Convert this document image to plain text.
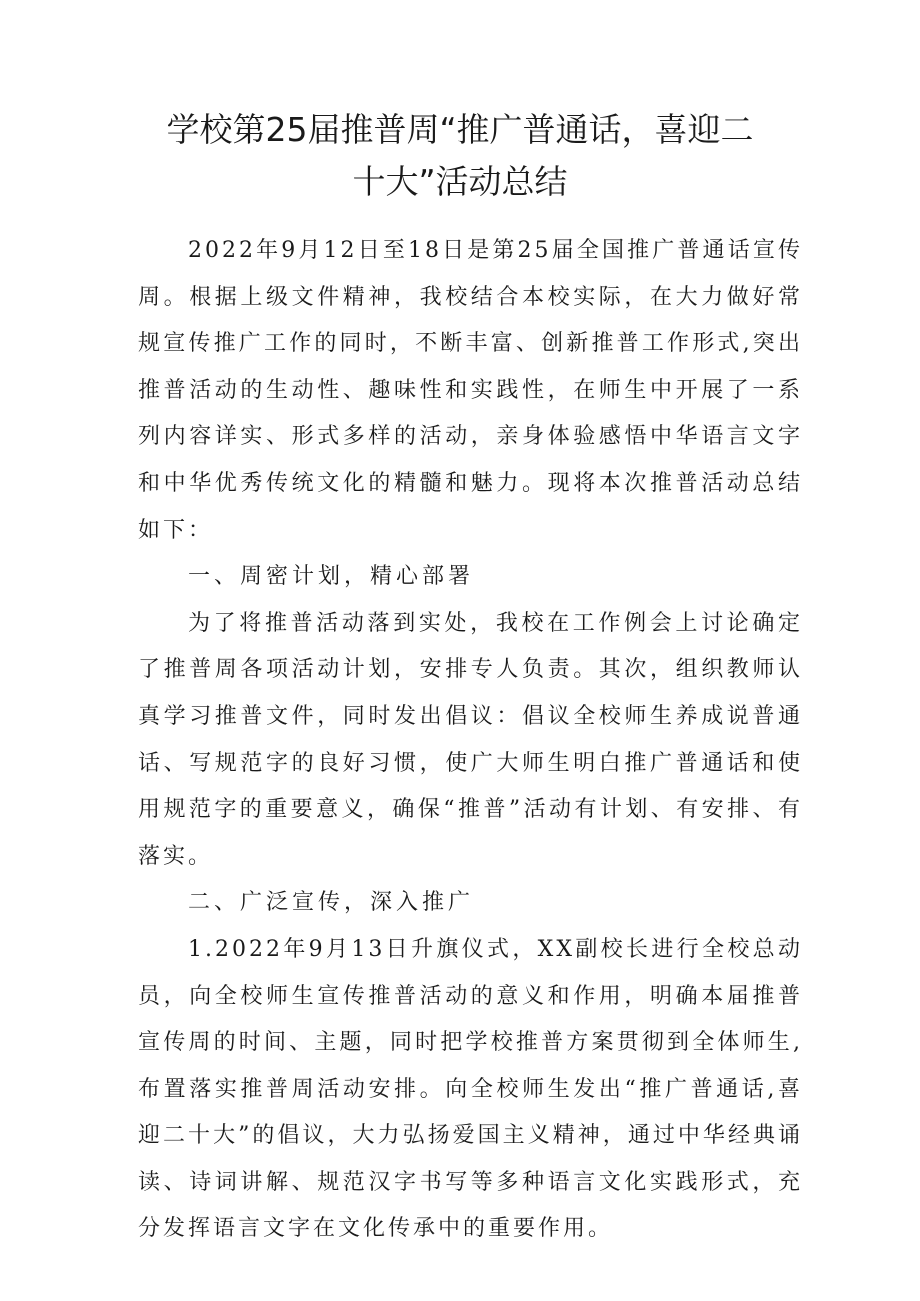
学校第25届推普周“推广普通话，喜迎二
十大”活动总结

2022年9月12日至18日是第25届全国推广普通话宣传周。根据上级文件精神，我校结合本校实际，在大力做好常规宣传推广工作的同时，不断丰富、创新推普工作形式,突出推普活动的生动性、趣味性和实践性，在师生中开展了一系列内容详实、形式多样的活动，亲身体验感悟中华语言文字和中华优秀传统文化的精髓和魅力。现将本次推普活动总结如下：

一、周密计划，精心部署

为了将推普活动落到实处，我校在工作例会上讨论确定了推普周各项活动计划，安排专人负责。其次，组织教师认真学习推普文件，同时发出倡议：倡议全校师生养成说普通话、写规范字的良好习惯，使广大师生明白推广普通话和使用规范字的重要意义，确保“推普”活动有计划、有安排、有落实。

二、广泛宣传，深入推广

1.2022年9月13日升旗仪式，XX副校长进行全校总动员，向全校师生宣传推普活动的意义和作用，明确本届推普宣传周的时间、主题，同时把学校推普方案贯彻到全体师生,布置落实推普周活动安排。向全校师生发出“推广普通话,喜迎二十大”的倡议，大力弘扬爱国主义精神，通过中华经典诵读、诗词讲解、规范汉字书写等多种语言文化实践形式，充分发挥语言文字在文化传承中的重要作用。
